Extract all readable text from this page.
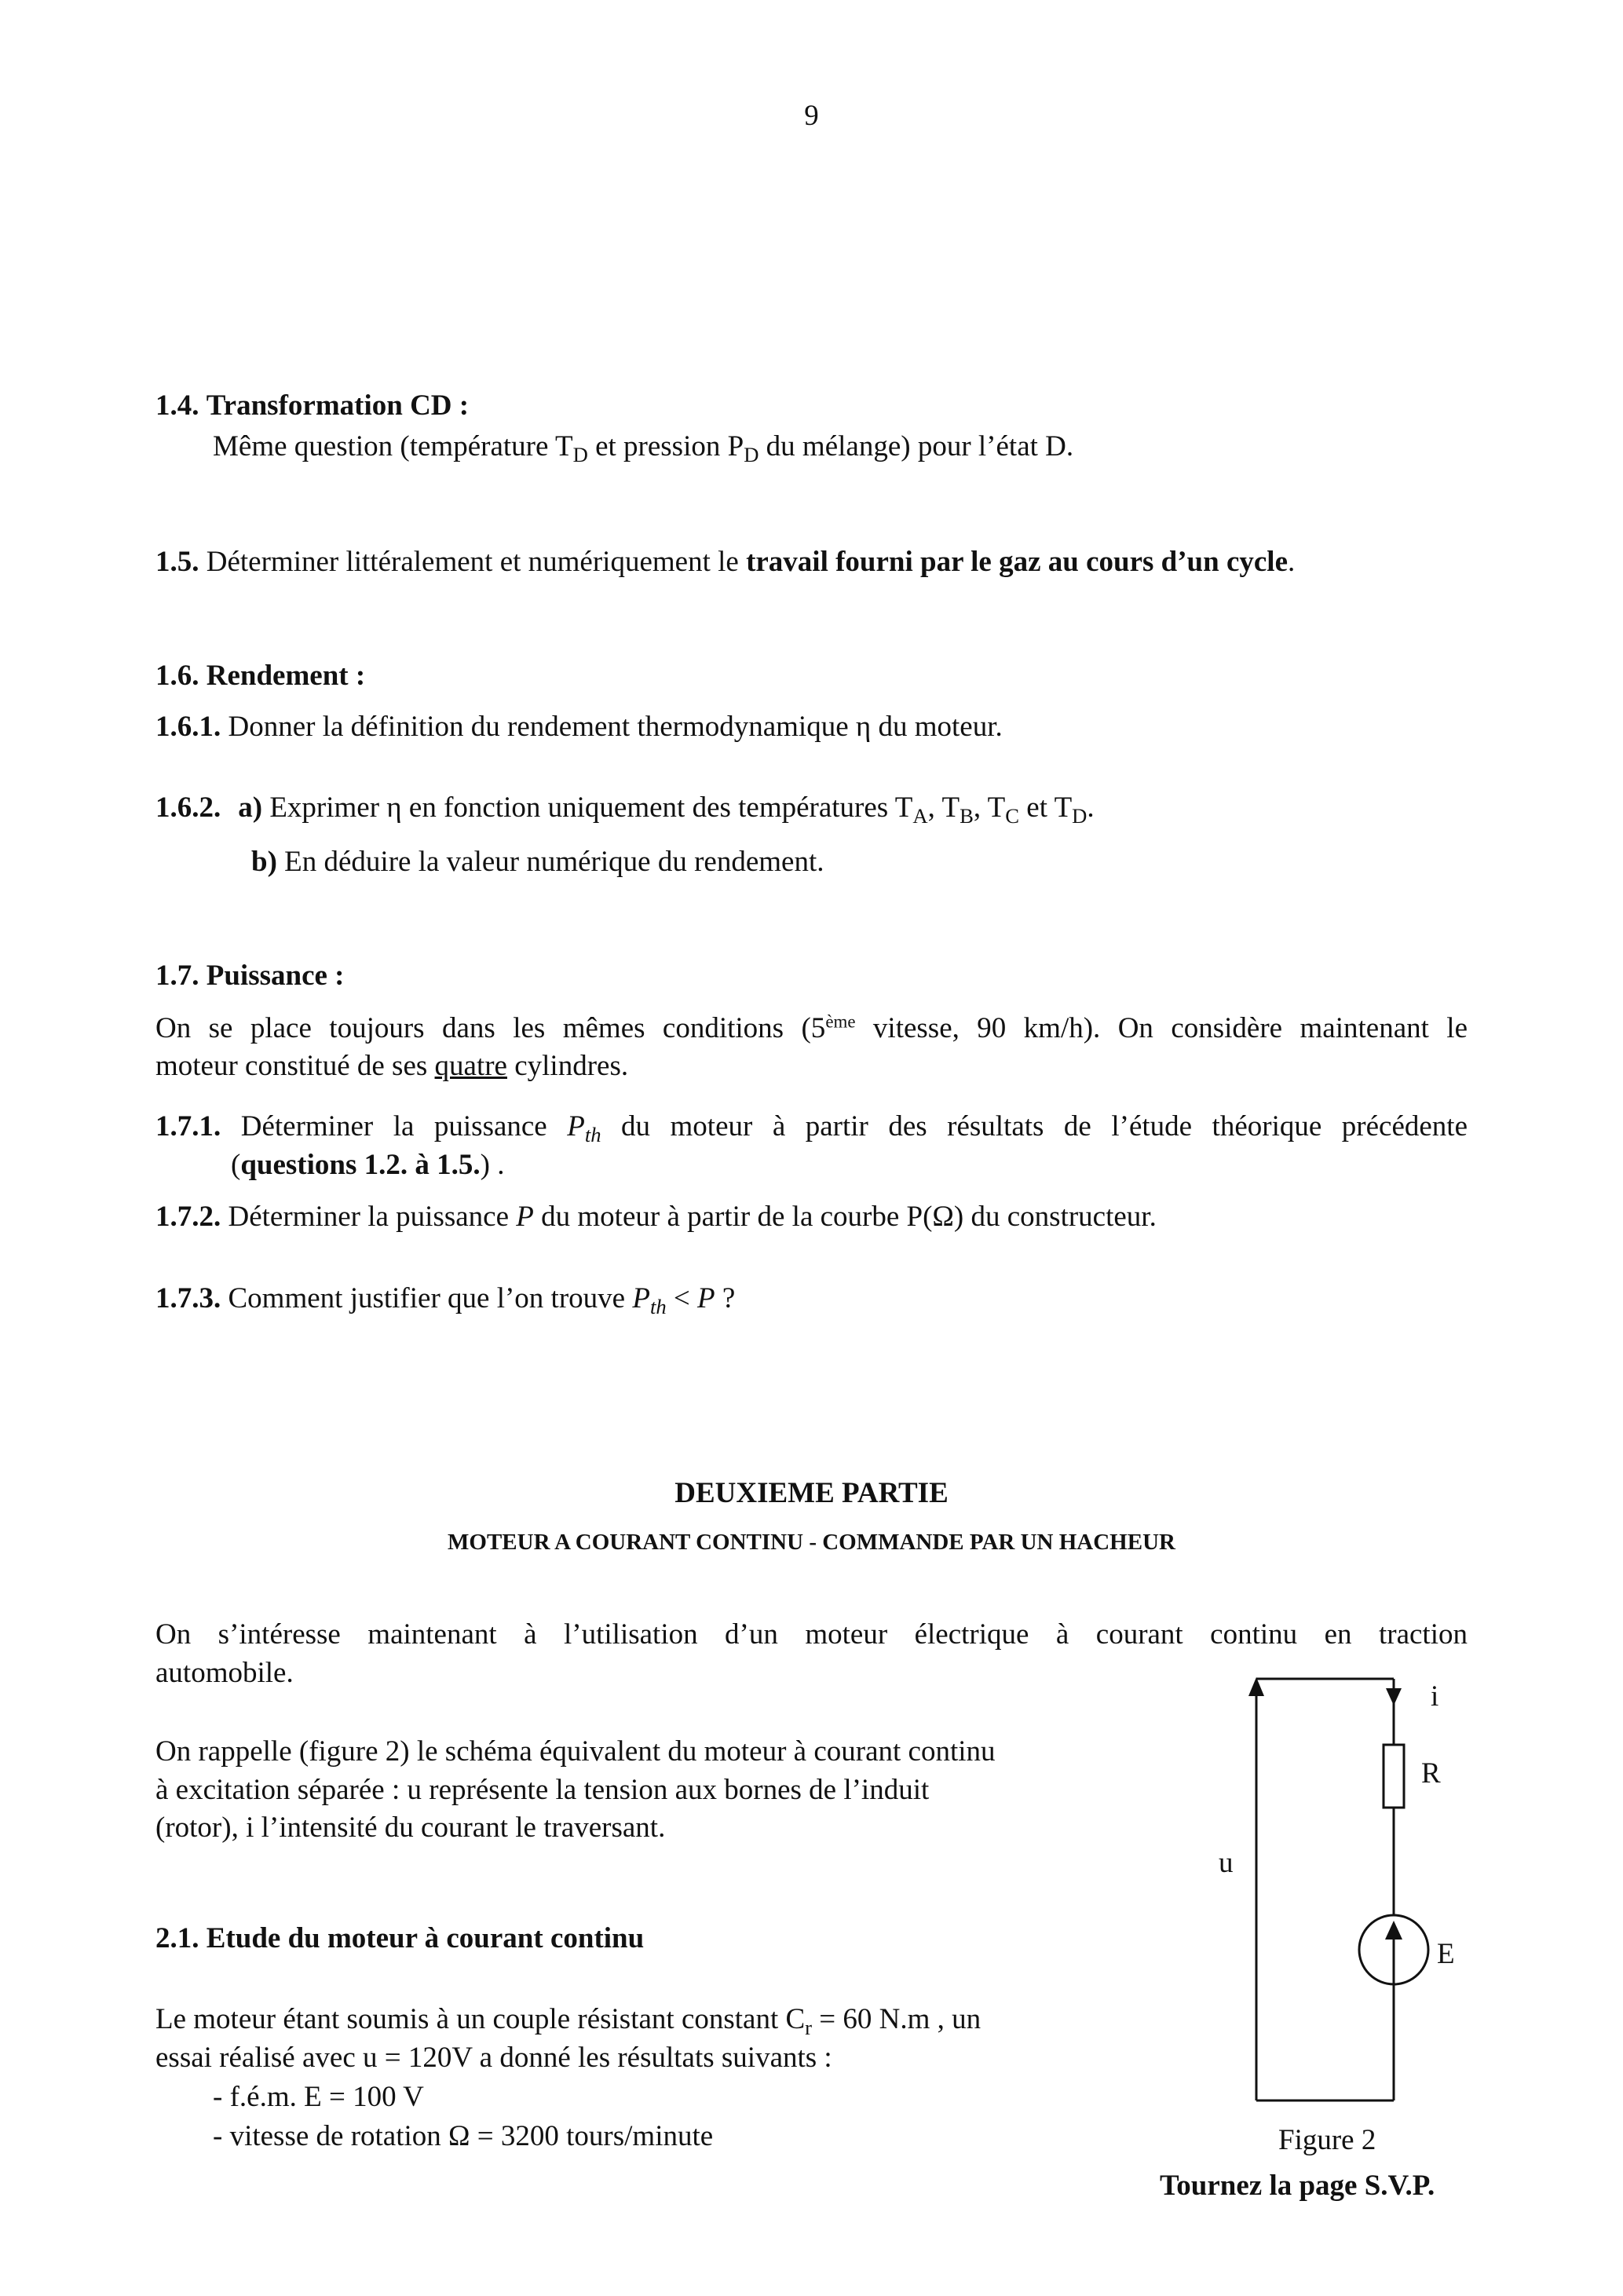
9
1.4. Transformation CD :
Même question (température $T_D$ et pression $P_D$ du mélange) pour l’état D.
1.5. Déterminer littéralement et numériquement le travail fourni par le gaz au cours d’un cycle.
1.6. Rendement :
1.6.1. Donner la définition du rendement thermodynamique η du moteur.
1.6.2. a) Exprimer η en fonction uniquement des températures $T_A$, $T_B$, $T_C$ et $T_D$.
b) En déduire la valeur numérique du rendement.
1.7. Puissance :
On se place toujours dans les mêmes conditions (5ème vitesse, 90 km/h). On considère maintenant le
moteur constitué de ses quatre cylindres.
1.7.1. Déterminer la puissance $P_{th}$ du moteur à partir des résultats de l’étude théorique précédente
(questions 1.2. à 1.5.) .
1.7.2. Déterminer la puissance P du moteur à partir de la courbe P(Ω) du constructeur.
1.7.3. Comment justifier que l’on trouve $P_{th} < P$ ?
DEUXIEME PARTIE
MOTEUR A COURANT CONTINU - COMMANDE PAR UN HACHEUR
On s’intéresse maintenant à l’utilisation d’un moteur électrique à courant continu en traction
automobile.
On rappelle (figure 2) le schéma équivalent du moteur à courant continu
à excitation séparée : u représente la tension aux bornes de l’induit
(rotor), i l’intensité du courant le traversant.
2.1. Etude du moteur à courant continu
Le moteur étant soumis à un couple résistant constant $C_r = 60$ N.m , un
essai réalisé avec u = 120V a donné les résultats suivants :
- f.é.m. E = 100 V
- vitesse de rotation Ω = 3200 tours/minute
i
R
u
E
Figure 2
Tournez la page S.V.P.
